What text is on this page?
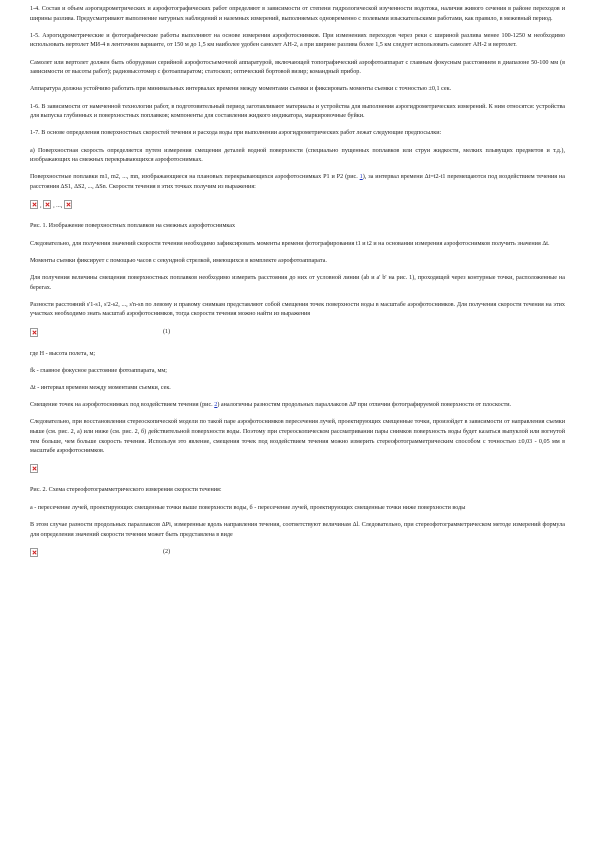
1-4. Состав и объем аэрогидрометрических и аэрофотографических работ определяют в зависимости от степени гидрологической изученности водотока, наличия живого сечения в районе переходов и ширины разлива. Предусматривают выполнение натурных наблюдений и наземных измерений, выполняемых одновременно с полевыми изыскательскими работами, как правило, в межевный период.

1-5. Аэрогидрометрические и фотографические работы выполняют на основе измерения аэрофотоснимков. При изменениях переходов через реки с шириной разлива менее 100-1250 м необходимо использовать вертолет МИ-4 в ленточном варианте, от 150 м до 1,5 км наиболее удобен самолет АН-2, а при ширине разлива более 1,5 км следует использовать самолет АН-2 и вертолет.

Самолет или вертолет должен быть оборудован серийной аэрофотосъемочной аппаратурой, включающей топографический аэрофотоаппарат с главным фокусным расстоянием в диапазоне 50-100 мм (в зависимости от высоты работ); радиовысотомер с фотоаппаратом; статоскоп; оптический бортовой визир; командный прибор.

Аппаратура должна устойчиво работать при минимальных интервалах времени между моментами съемки и фиксировать моменты съемки с точностью ±0,1 сек.

1-6. В зависимости от намеченной технологии работ, в подготовительный период заготавливают материалы и устройства для выполнения аэрогидрометрических измерений. К ним относятся: устройства для выпуска глубинных и поверхностных поплавков; компоненты для составления жидкого индикатора, маркировочные буйки.

1-7. В основе определения поверхностных скоростей течения и расхода воды при выполнении аэрогидрометрических работ лежат следующие предпосылки:

а) Поверхностная скорость определяется путем измерения смещения деталей водной поверхности (специально пущенных поплавков или струи жидкости, мелких плывущих предметов и т.д.), изображающих на смежных перекрывающихся аэрофотоснимках.

Поверхностные поплавки m1, m2, ..., mn, изображающиеся на плановых перекрывающихся аэрофотоснимках P1 и P2 (рис. 1), за интервал времени Δt=t2-t1 перемещаются под воздействием течения на расстояния ΔS1, ΔS2, ..., ΔSn. Скорости течения в этих точках получим из выражения:

, , ...,

Рис. 1. Изображение поверхностных поплавков на смежных аэрофотоснимках

Следовательно, для получения значений скорости течения необходимо зафиксировать моменты времени фотографирования t1 и t2 и на основании измерения аэрофотоснимков получить значения Δt.

Моменты съемки фиксирует с помощью часов с секундной стрелкой, имеющихся в комплекте аэрофотоаппарата.

Для получения величины смещения поверхностных поплавков необходимо измерить расстояния до них от условной линии (ab и a' b' на рис. 1), проходящей через контурные точки, расположенные на берегах.

Разности расстояний s'1-s1, s'2-s2, ..., s'n-sn по левому и правому снимкам представляют собой смещения точек поверхности воды в масштабе аэрофотоснимков. Для получения скорости течения на этих участках необходимо знать масштаб аэрофотоснимков, тогда скорости течения можно найти из выражения

(1)

где H - высота полета, м;

fk - главное фокусное расстояние фотоаппарата, мм;

Δt - интервал времени между моментами съемки, сек.

Смещение точек на аэрофотоснимках под воздействием течения (рис. 2) аналогичны разностям продольных параллаксов ΔP при отличии фотографируемой поверхности от плоскости.

Следовательно, при восстановлении стереоскопической модели по такой паре аэрофотоснимков пересечения лучей, проектирующих смещенные точки, произойдет в зависимости от направления съемки выше (см. рис. 2, а) или ниже (см. рис. 2, б) действительной поверхности воды. Поэтому при стереоскопическом рассматривании пары снимков поверхность воды будет казаться выпуклой или вогнутой тем больше, чем больше скорость течения. Используя это явление, смещения точек под воздействием течения можно измерить стереофотограмметрическим способом с точностью ±0,03 - 0,05 мм в масштабе аэрофотоснимков.

Рис. 2. Схема стереофотограмметрического измерения скорости течения:

а - пересечение лучей, проектирующих смещенные точки выше поверхности воды, б - пересечение лучей, проектирующих смещенные точки ниже поверхности воды

В этом случае разности продольных параллаксов ΔPi, измеренные вдоль направления течения, соответствуют величинам Δl. Следовательно, при стереофотограмметрическом методе измерений формула для определения значений скорости течения может быть представлена в виде

(2)
